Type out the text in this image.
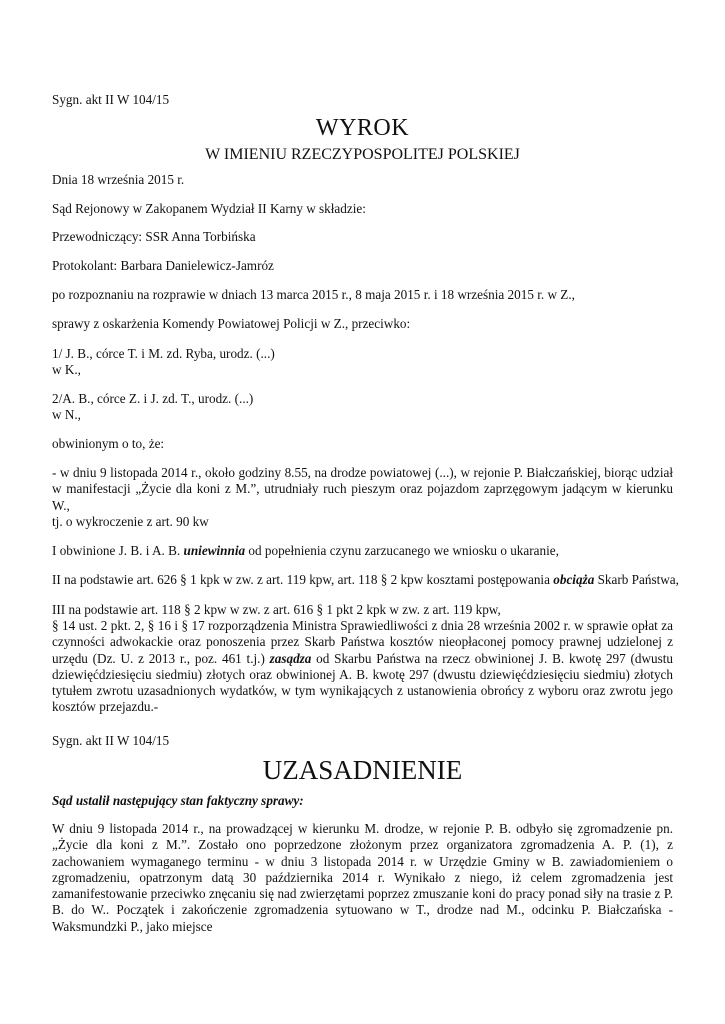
Sygn. akt II W 104/15
WYROK
W IMIENIU RZECZYPOSPOLITEJ POLSKIEJ
Dnia 18 września 2015 r.
Sąd Rejonowy w Zakopanem Wydział II Karny w składzie:
Przewodniczący: SSR Anna Torbińska
Protokolant: Barbara Danielewicz-Jamróz
po rozpoznaniu na rozprawie w dniach 13 marca 2015 r., 8 maja 2015 r. i 18 września 2015 r. w Z.,
sprawy z oskarżenia Komendy Powiatowej Policji w Z., przeciwko:
1/ J. B., córce T. i M. zd. Ryba, urodz. (...)
w K.,
2/A. B., córce Z. i J. zd. T., urodz. (...)
w N.,
obwinionym o to, że:
- w dniu 9 listopada 2014 r., około godziny 8.55, na drodze powiatowej (...), w rejonie P. Białczańskiej, biorąc udział w manifestacji „Życie dla koni z M.”, utrudniały ruch pieszym oraz pojazdom zaprzęgowym jadącym w kierunku W.,
tj. o wykroczenie z art. 90 kw
I obwinione J. B. i A. B. uniewinnia od popełnienia czynu zarzucanego we wniosku o ukaranie,
II na podstawie art. 626 § 1 kpk w zw. z art. 119 kpw, art. 118 § 2 kpw kosztami postępowania obciąża Skarb Państwa,
III na podstawie art. 118 § 2 kpw w zw. z art. 616 § 1 pkt 2 kpk w zw. z art. 119 kpw,
§ 14 ust. 2 pkt. 2, § 16 i § 17 rozporządzenia Ministra Sprawiedliwości z dnia 28 września 2002 r. w sprawie opłat za czynności adwokackie oraz ponoszenia przez Skarb Państwa kosztów nieopłaconej pomocy prawnej udzielonej z urzędu (Dz. U. z 2013 r., poz. 461 t.j.) zasądza od Skarbu Państwa na rzecz obwinionej J. B. kwotę 297 (dwustu dziewięćdziesięciu siedmiu) złotych oraz obwinionej A. B. kwotę 297 (dwustu dziewięćdziesięciu siedmiu) złotych tytułem zwrotu uzasadnionych wydatków, w tym wynikających z ustanowienia obrońcy z wyboru oraz zwrotu jego kosztów przejazdu.-
Sygn. akt II W 104/15
UZASADNIENIE
Sąd ustalił następujący stan faktyczny sprawy:
W dniu 9 listopada 2014 r., na prowadzącej w kierunku M. drodze, w rejonie P. B. odbyło się zgromadzenie pn. „Życie dla koni z M.”. Zostało ono poprzedzone złożonym przez organizatora zgromadzenia A. P. (1), z zachowaniem wymaganego terminu - w dniu 3 listopada 2014 r. w Urzędzie Gminy w B. zawiadomieniem o zgromadzeniu, opatrzonym datą 30 października 2014 r. Wynikało z niego, iż celem zgromadzenia jest zamanifestowanie przeciwko znęcaniu się nad zwierzętami poprzez zmuszanie koni do pracy ponad siły na trasie z P. B. do W.. Początek i zakończenie zgromadzenia sytuowano w T., drodze nad M., odcinku P. Białczańska - Waksmundzki P., jako miejsce
